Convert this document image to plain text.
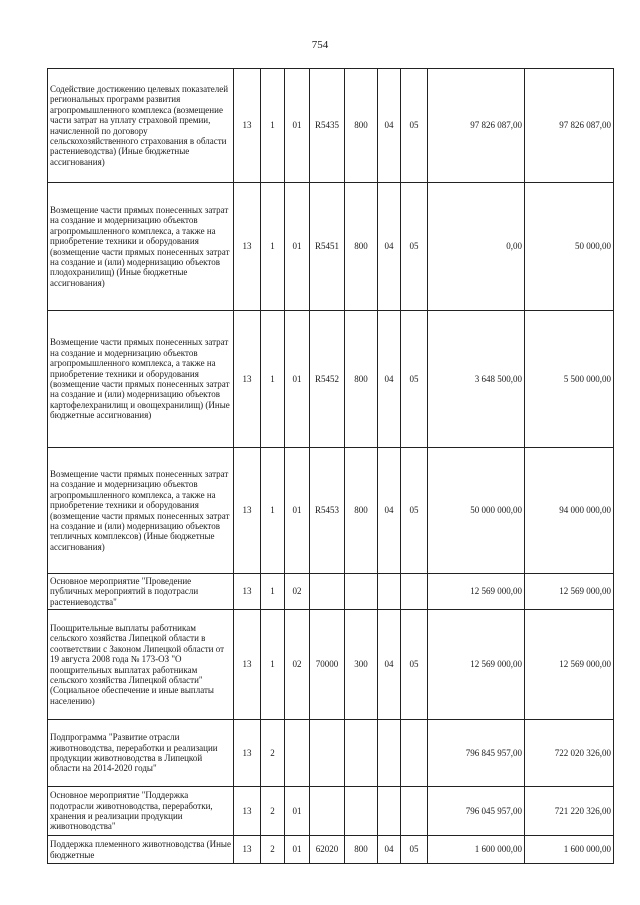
754
Содействие достижению целевых показателей региональных программ развития агропромышленного комплекса (возмещение части затрат на уплату страховой премии, начисленной по договору сельскохозяйственного страхования в области растениеводства) (Иные бюджетные ассигнования)	13	1	01	R5435	800	04	05	97 826 087,00	97 826 087,00
Возмещение части прямых понесенных затрат на создание и модернизацию объектов агропромышленного комплекса, а также на приобретение техники и оборудования (возмещение части прямых понесенных затрат на создание и (или) модернизацию объектов плодохранилищ) (Иные бюджетные ассигнования)	13	1	01	R5451	800	04	05	0,00	50 000,00
Возмещение части прямых понесенных затрат на создание и модернизацию объектов агропромышленного комплекса, а также на приобретение техники и оборудования (возмещение части прямых понесенных затрат на создание и (или) модернизацию объектов картофелехранилищ и овощехранилищ) (Иные бюджетные ассигнования)	13	1	01	R5452	800	04	05	3 648 500,00	5 500 000,00
Возмещение части прямых понесенных затрат на создание и модернизацию объектов агропромышленного комплекса, а также на приобретение техники и оборудования (возмещение части прямых понесенных затрат на создание и (или) модернизацию объектов тепличных комплексов) (Иные бюджетные ассигнования)	13	1	01	R5453	800	04	05	50 000 000,00	94 000 000,00
Основное мероприятие "Проведение публичных мероприятий в подотрасли растениеводства"	13	1	02					12 569 000,00	12 569 000,00
Поощрительные выплаты работникам сельского хозяйства Липецкой области в соответствии с Законом Липецкой области от 19 августа 2008 года № 173-ОЗ "О поощрительных выплатах работникам сельского хозяйства Липецкой области" (Социальное обеспечение и иные выплаты населению)	13	1	02	70000	300	04	05	12 569 000,00	12 569 000,00
Подпрограмма "Развитие отрасли животноводства, переработки и реализации продукции животноводства в Липецкой области на 2014-2020 годы"	13	2						796 845 957,00	722 020 326,00
Основное мероприятие "Поддержка подотрасли животноводства, переработки, хранения и реализации продукции животноводства"	13	2	01					796 045 957,00	721 220 326,00
Поддержка племенного животноводства (Иные бюджетные	13	2	01	62020	800	04	05	1 600 000,00	1 600 000,00
